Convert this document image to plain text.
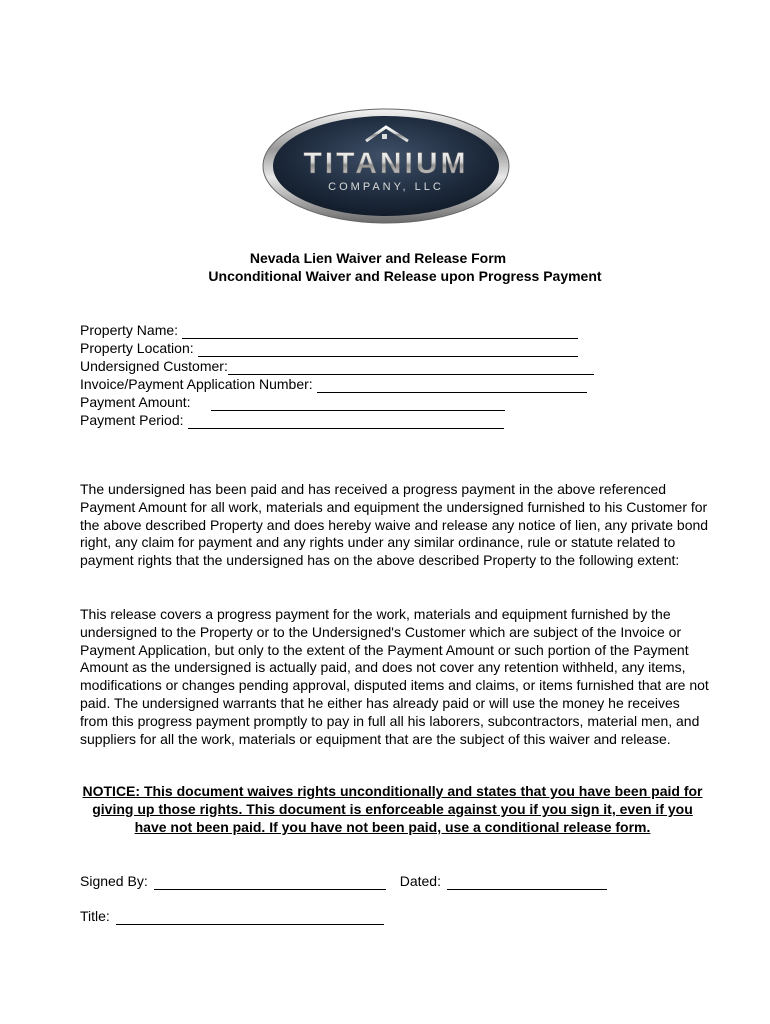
TITANIUM
COMPANY, LLC
Nevada Lien Waiver and Release Form
Unconditional Waiver and Release upon Progress Payment
Property Name:
Property Location:
Undersigned Customer:
Invoice/Payment Application Number:
Payment Amount:
Payment Period:

The undersigned has been paid and has received a progress payment in the above referenced Payment Amount for all work, materials and equipment the undersigned furnished to his Customer for the above described Property and does hereby waive and release any notice of lien, any private bond right, any claim for payment and any rights under any similar ordinance, rule or statute related to payment rights that the undersigned has on the above described Property to the following extent:

This release covers a progress payment for the work, materials and equipment furnished by the undersigned to the Property or to the Undersigned's Customer which are subject of the Invoice or Payment Application, but only to the extent of the Payment Amount or such portion of the Payment Amount as the undersigned is actually paid, and does not cover any retention withheld, any items, modifications or changes pending approval, disputed items and claims, or items furnished that are not paid. The undersigned warrants that he either has already paid or will use the money he receives from this progress payment promptly to pay in full all his laborers, subcontractors, material men, and suppliers for all the work, materials or equipment that are the subject of this waiver and release.

NOTICE: This document waives rights unconditionally and states that you have been paid for giving up those rights. This document is enforceable against you if you sign it, even if you have not been paid. If you have not been paid, use a conditional release form.
Signed By:	Dated:
Title:
